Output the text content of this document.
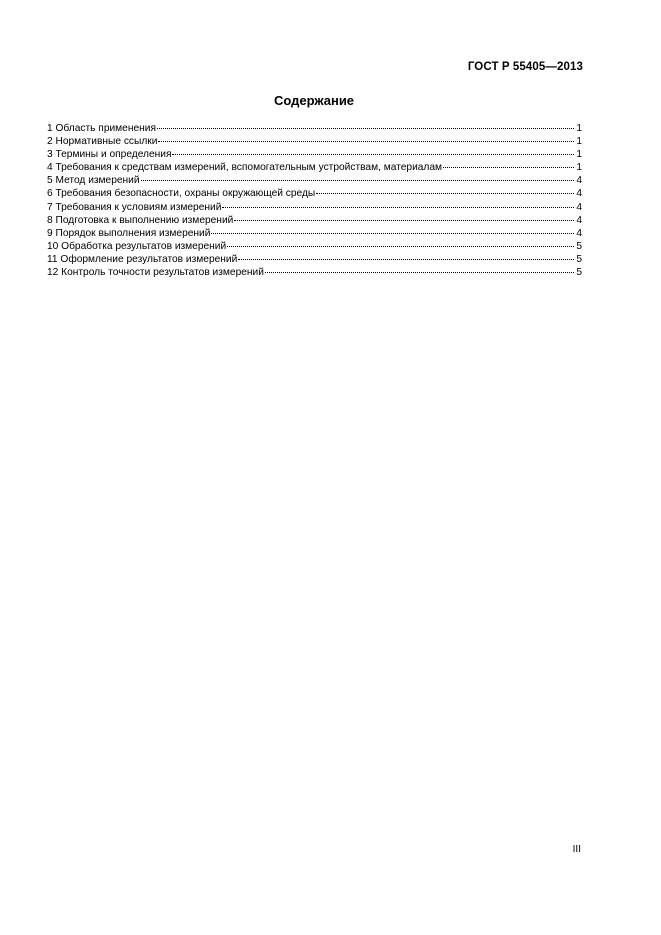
ГОСТ Р 55405—2013
Содержание
1 Область применения	1
2 Нормативные ссылки	1
3 Термины и определения	1
4 Требования к средствам измерений, вспомогательным устройствам, материалам	1
5 Метод измерений	4
6 Требования безопасности, охраны окружающей среды	4
7 Требования к условиям измерений	4
8 Подготовка к выполнению измерений	4
9 Порядок выполнения измерений	4
10 Обработка результатов измерений	5
11 Оформление результатов измерений	5
12 Контроль точности результатов измерений	5
III
